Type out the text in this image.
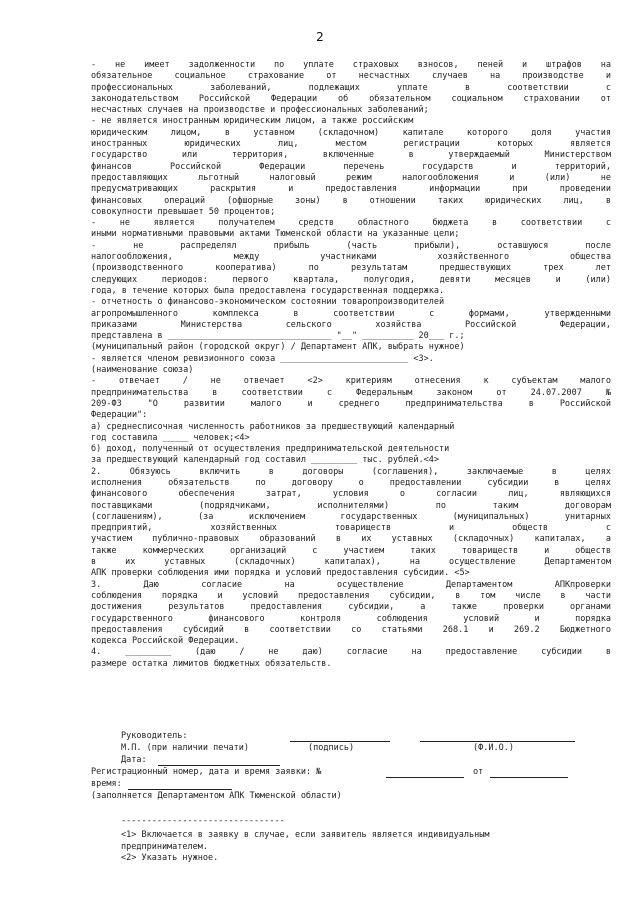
2
- не имеет задолженности по уплате страховых взносов, пеней и штрафов на
обязательное социальное страхование от несчастных случаев на производстве и
профессиональных заболеваний, подлежащих уплате в соответствии с
законодательством Российской Федерации об обязательном социальном страховании от
несчастных случаев на производстве и профессиональных заболеваний;
- не является иностранным юридическим лицом, а также российским
юридическим лицом, в уставном (складочном) капитале которого доля участия
иностранных юридических лиц, местом регистрации которых является
государство или территория, включенные в утверждаемый Министерством
финансов Российской Федерации перечень государств и территорий,
предоставляющих льготный налоговый режим налогообложения и (или) не
предусматривающих раскрытия и предоставления информации при проведении
финансовых операций (офшорные зоны) в отношении таких юридических лиц, в
совокупности превышает 50 процентов;
- не является получателем средств областного бюджета в соответствии с
иными нормативными правовыми актами Тюменской области на указанные цели;
- не распределял прибыль (часть прибыли), оставшуюся после
налогообложения, между участниками хозяйственного общества
(производственного кооператива) по результатам предшествующих трех лет
следующих периодов: первого квартала, полугодия, девяти месяцев и (или)
года, в течение которых была предоставлена государственная поддержка.
- отчетность о финансово-экономическом состоянии товаропроизводителей
агропромышленного комплекса в соответствии с формами, утвержденными
приказами Министерства сельского хозяйства Российской Федерации,
представлена в ________________________________ "__" __________ 20___ г.;
(муниципальный район (городской округ) / Департамент АПК, выбрать нужное)
- является членом ревизионного союза _________________________ <3>.
(наименование союза)
- отвечает / не отвечает <2> критериям отнесения к субъектам малого
предпринимательства в соответствии с Федеральным законом от 24.07.2007 №
209-ФЗ "О развитии малого и среднего предпринимательства в Российской
Федерации":
а) среднесписочная численность работников за предшествующий календарный
год составила _____ человек;<4>
б) доход, полученный от осуществления предпринимательской деятельности
за предшествующий календарный год составил _________ тыс. рублей.<4>
2. Обязуюсь включить в договоры (соглашения), заключаемые в целях
исполнения обязательств по договору о предоставлении субсидии в целях
финансового обеспечения затрат, условия о согласии лиц, являющихся
поставщиками (подрядчиками, исполнителями) по таким договорам
(соглашениям), (за исключением государственных (муниципальных) унитарных
предприятий, хозяйственных товариществ и обществ с
участием публично-правовых образований в их уставных (складочных) капиталах, а
также коммерческих организаций с участием таких товариществ и обществ
в их уставных (складочных) капиталах), на осуществление Департаментом
АПК проверки соблюдения ими порядка и условий предоставления субсидии. <5>
3. Даю согласие на осуществление Департаментом АПКпроверки
соблюдения порядка и условий предоставления субсидии, в том числе в части
достижения результатов предоставления субсидии, а также проверки органами
государственного финансового контроля соблюдения условий и порядка
предоставления субсидий в соответствии со статьями 268.1 и 269.2 Бюджетного
кодекса Российской Федерации.
4. _________ (даю / не даю) согласие на предоставление субсидии в
размере остатка лимитов бюджетных обязательств.
Руководитель:
М.П. (при наличии печати)	(подпись)	(Ф.И.О.)
Дата:
Регистрационный номер, дата и время заявки: №	от
время:
(заполняется Департаментом АПК Тюменской области)
--------------------------------
<1> Включается в заявку в случае, если заявитель является индивидуальным
предпринимателем.
<2> Указать нужное.
